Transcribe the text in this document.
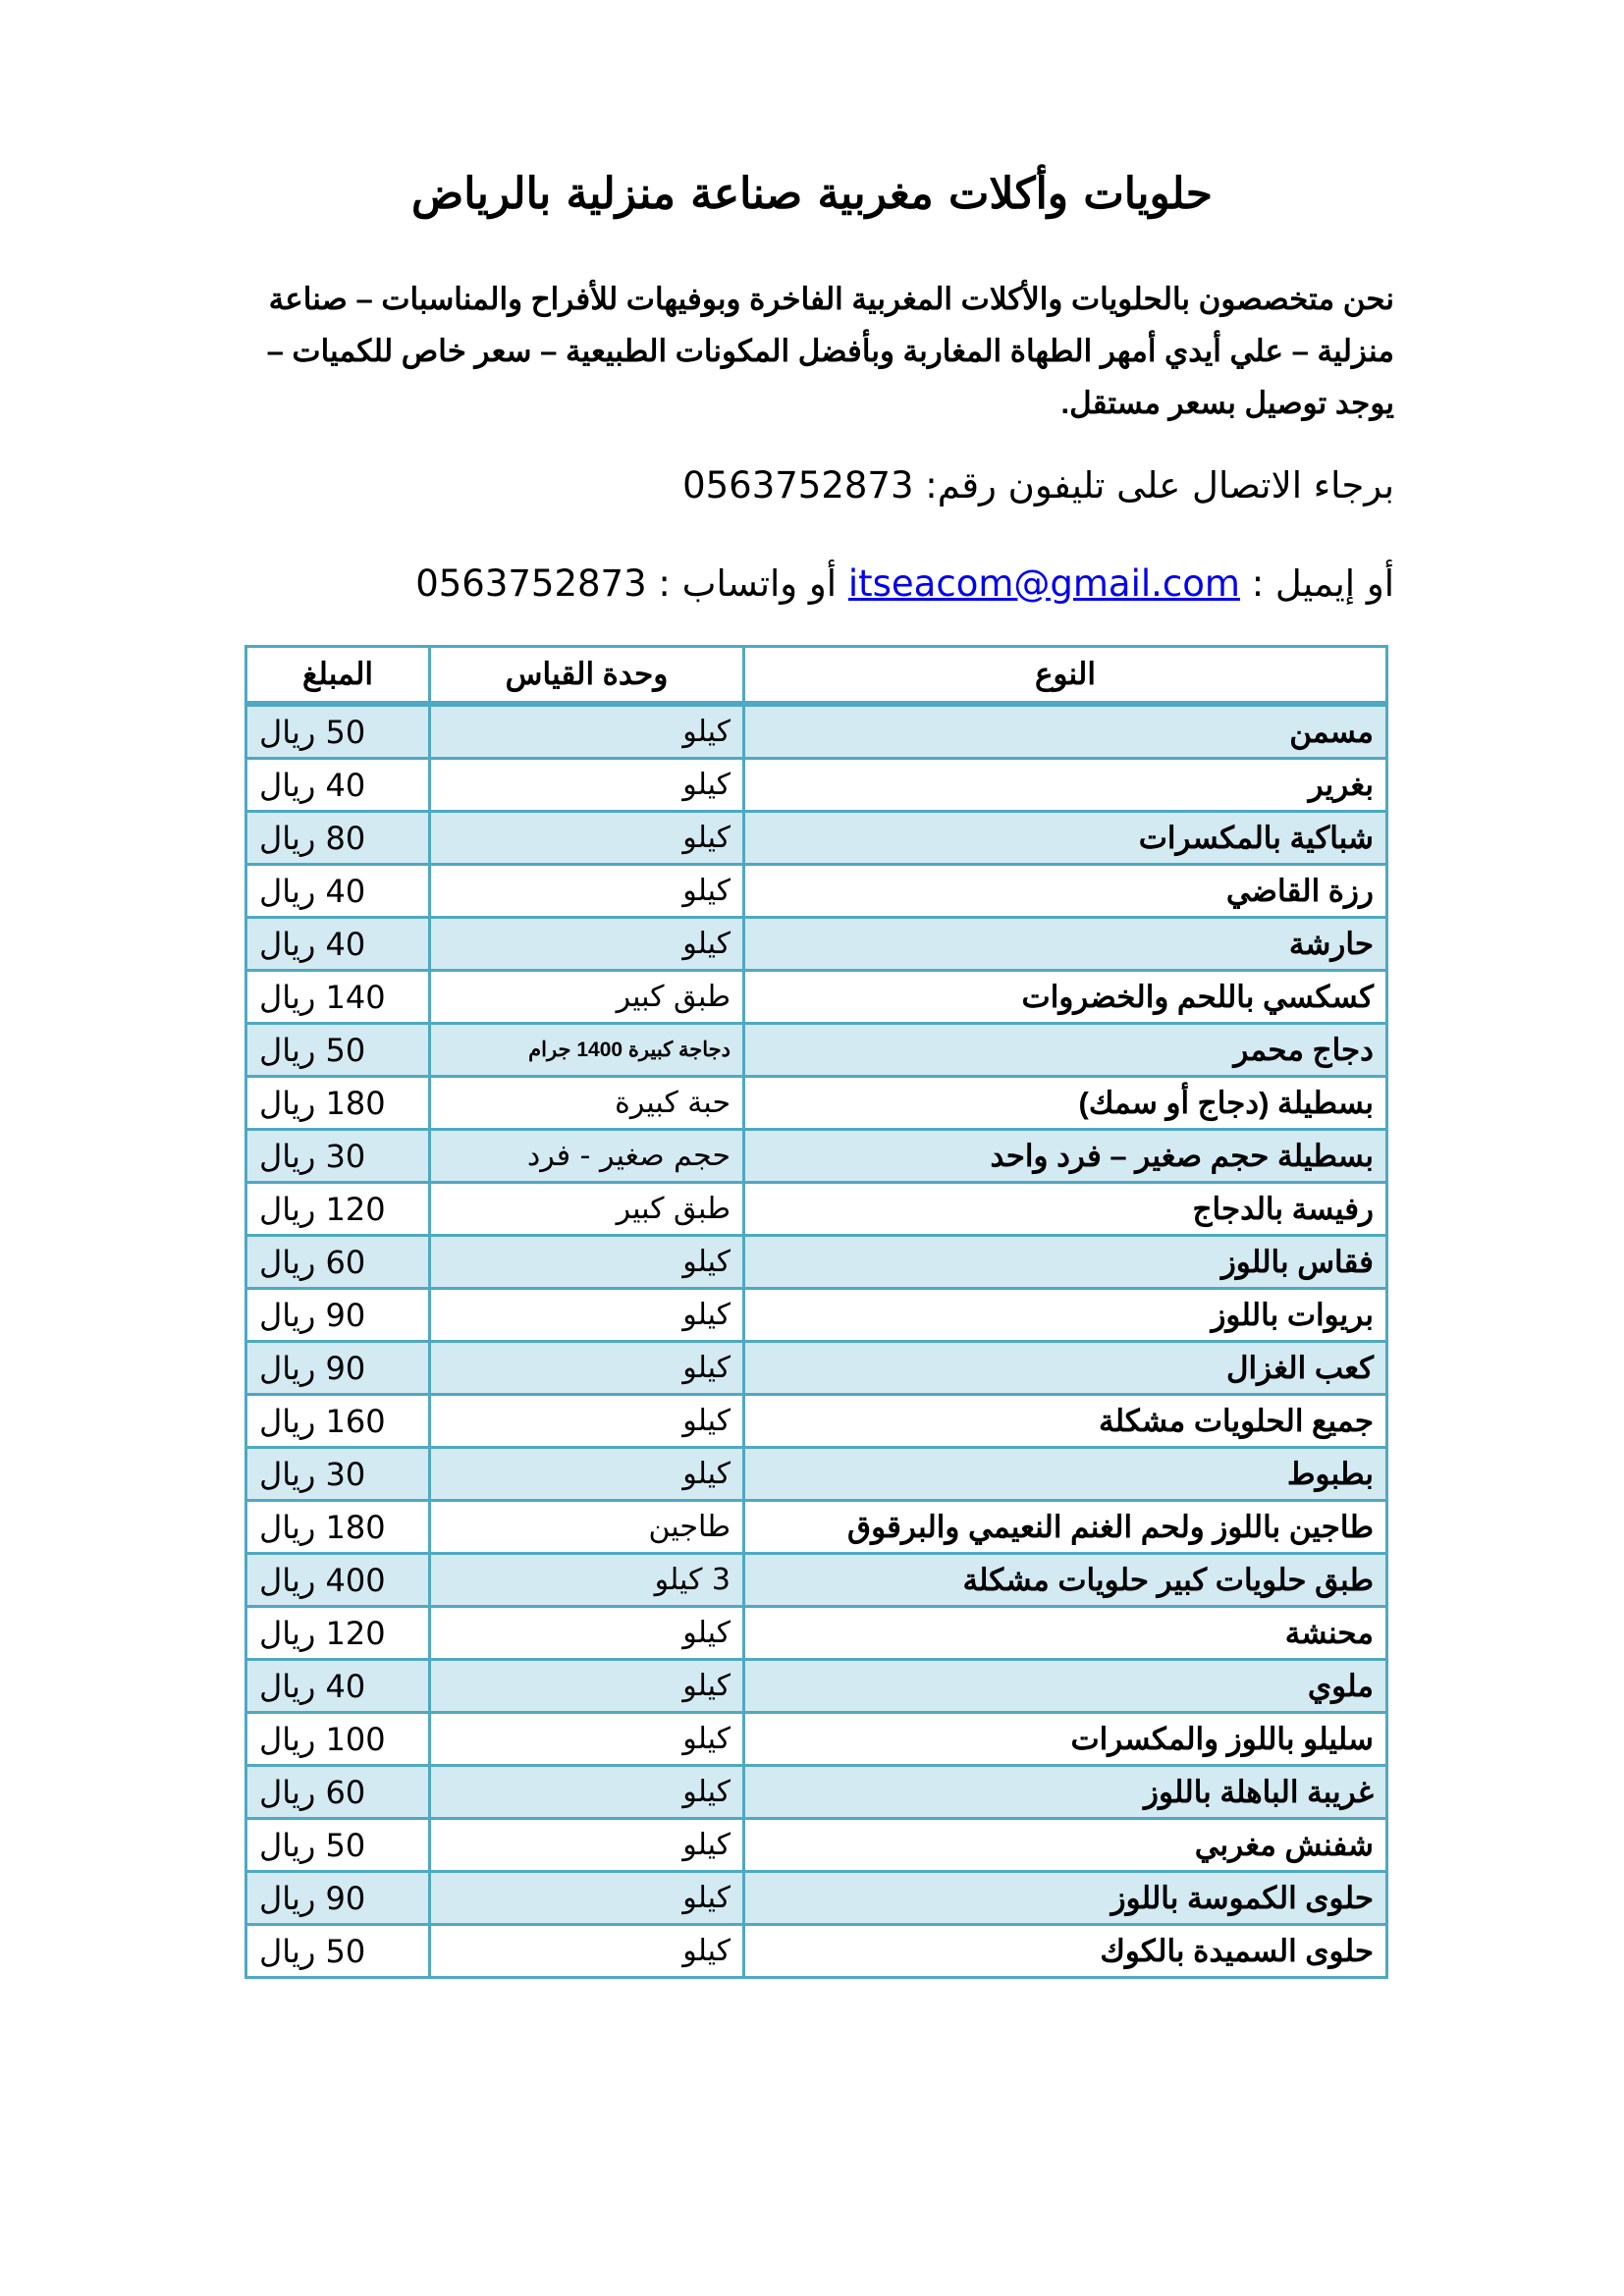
حلويات وأكلات مغربية صناعة منزلية بالرياض

نحن متخصصون بالحلويات والأكلات المغربية الفاخرة وبوفيهات للأفراح والمناسبات – صناعة منزلية – علي أيدي أمهر الطهاة المغاربة وبأفضل المكونات الطبيعية – سعر خاص للكميات – يوجد توصيل بسعر مستقل.

برجاء الاتصال على تليفون رقم: 0563752873
أو إيميل : itseacom@gmail.com أو واتساب : 0563752873
النوع	وحدة القياس	المبلغ
مسمن	كيلو	50 ريال
بغرير	كيلو	40 ريال
شباكية بالمكسرات	كيلو	80 ريال
رزة القاضي	كيلو	40 ريال
حارشة	كيلو	40 ريال
كسكسي باللحم والخضروات	طبق كبير	140 ريال
دجاج محمر	دجاجة كبيرة 1400 جرام	50 ريال
بسطيلة (دجاج أو سمك)	حبة كبيرة	180 ريال
بسطيلة حجم صغير – فرد واحد	حجم صغير - فرد	30 ريال
رفيسة بالدجاج	طبق كبير	120 ريال
فقاس باللوز	كيلو	60 ريال
بريوات باللوز	كيلو	90 ريال
كعب الغزال	كيلو	90 ريال
جميع الحلويات مشكلة	كيلو	160 ريال
بطبوط	كيلو	30 ريال
طاجين باللوز ولحم الغنم النعيمي والبرقوق	طاجين	180 ريال
طبق حلويات كبير حلويات مشكلة	3 كيلو	400 ريال
محنشة	كيلو	120 ريال
ملوي	كيلو	40 ريال
سليلو باللوز والمكسرات	كيلو	100 ريال
غريبة الباهلة باللوز	كيلو	60 ريال
شفنش مغربي	كيلو	50 ريال
حلوى الكموسة باللوز	كيلو	90 ريال
حلوى السميدة بالكوك	كيلو	50 ريال
